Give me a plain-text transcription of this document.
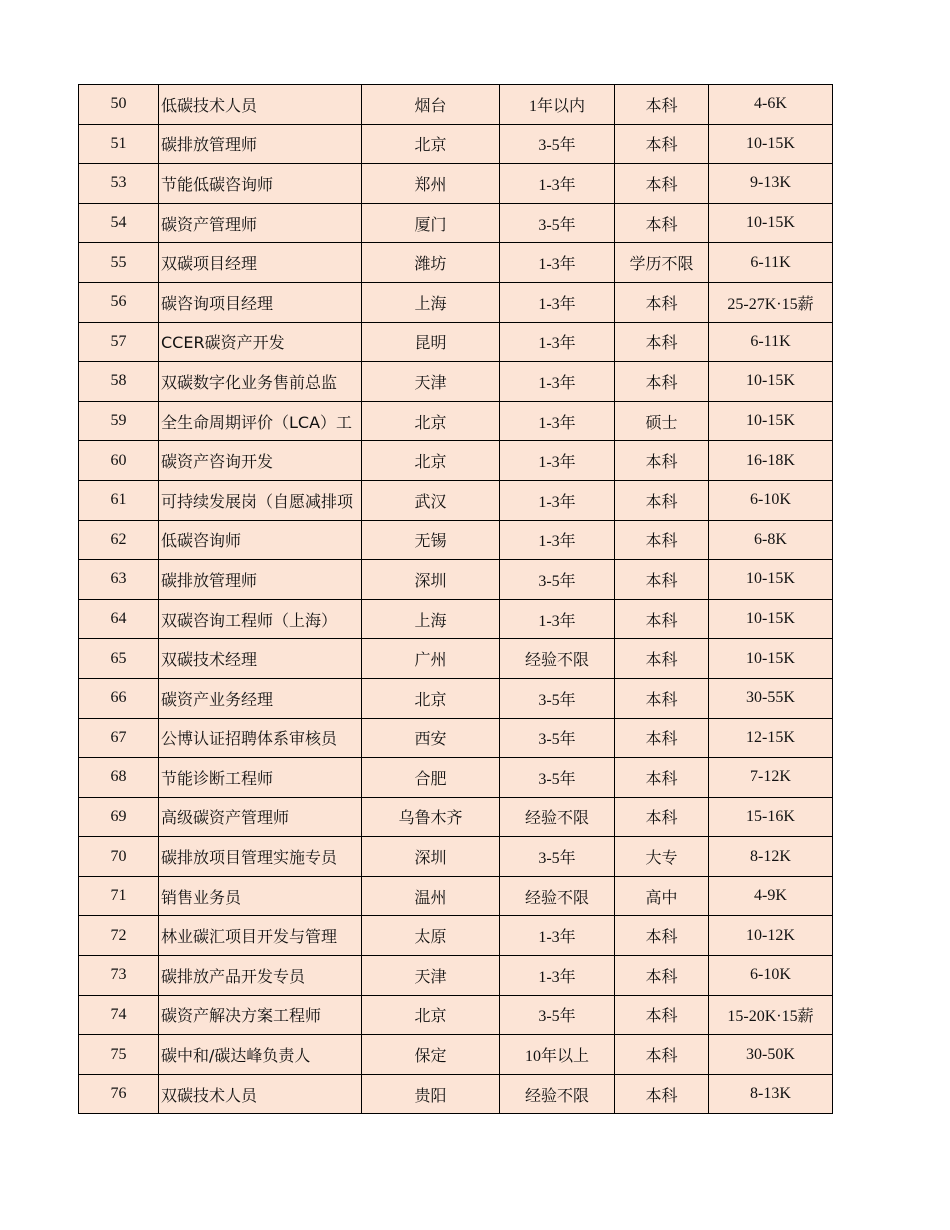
50	低碳技术人员	烟台	1年以内	本科	4-6K
51	碳排放管理师	北京	3-5年	本科	10-15K
53	节能低碳咨询师	郑州	1-3年	本科	9-13K
54	碳资产管理师	厦门	3-5年	本科	10-15K
55	双碳项目经理	潍坊	1-3年	学历不限	6-11K
56	碳咨询项目经理	上海	1-3年	本科	25-27K·15薪
57	CCER碳资产开发	昆明	1-3年	本科	6-11K
58	双碳数字化业务售前总监	天津	1-3年	本科	10-15K
59	全生命周期评价（LCA）工	北京	1-3年	硕士	10-15K
60	碳资产咨询开发	北京	1-3年	本科	16-18K
61	可持续发展岗（自愿减排项	武汉	1-3年	本科	6-10K
62	低碳咨询师	无锡	1-3年	本科	6-8K
63	碳排放管理师	深圳	3-5年	本科	10-15K
64	双碳咨询工程师（上海）	上海	1-3年	本科	10-15K
65	双碳技术经理	广州	经验不限	本科	10-15K
66	碳资产业务经理	北京	3-5年	本科	30-55K
67	公博认证招聘体系审核员	西安	3-5年	本科	12-15K
68	节能诊断工程师	合肥	3-5年	本科	7-12K
69	高级碳资产管理师	乌鲁木齐	经验不限	本科	15-16K
70	碳排放项目管理实施专员	深圳	3-5年	大专	8-12K
71	销售业务员	温州	经验不限	高中	4-9K
72	林业碳汇项目开发与管理	太原	1-3年	本科	10-12K
73	碳排放产品开发专员	天津	1-3年	本科	6-10K
74	碳资产解决方案工程师	北京	3-5年	本科	15-20K·15薪
75	碳中和/碳达峰负责人	保定	10年以上	本科	30-50K
76	双碳技术人员	贵阳	经验不限	本科	8-13K
